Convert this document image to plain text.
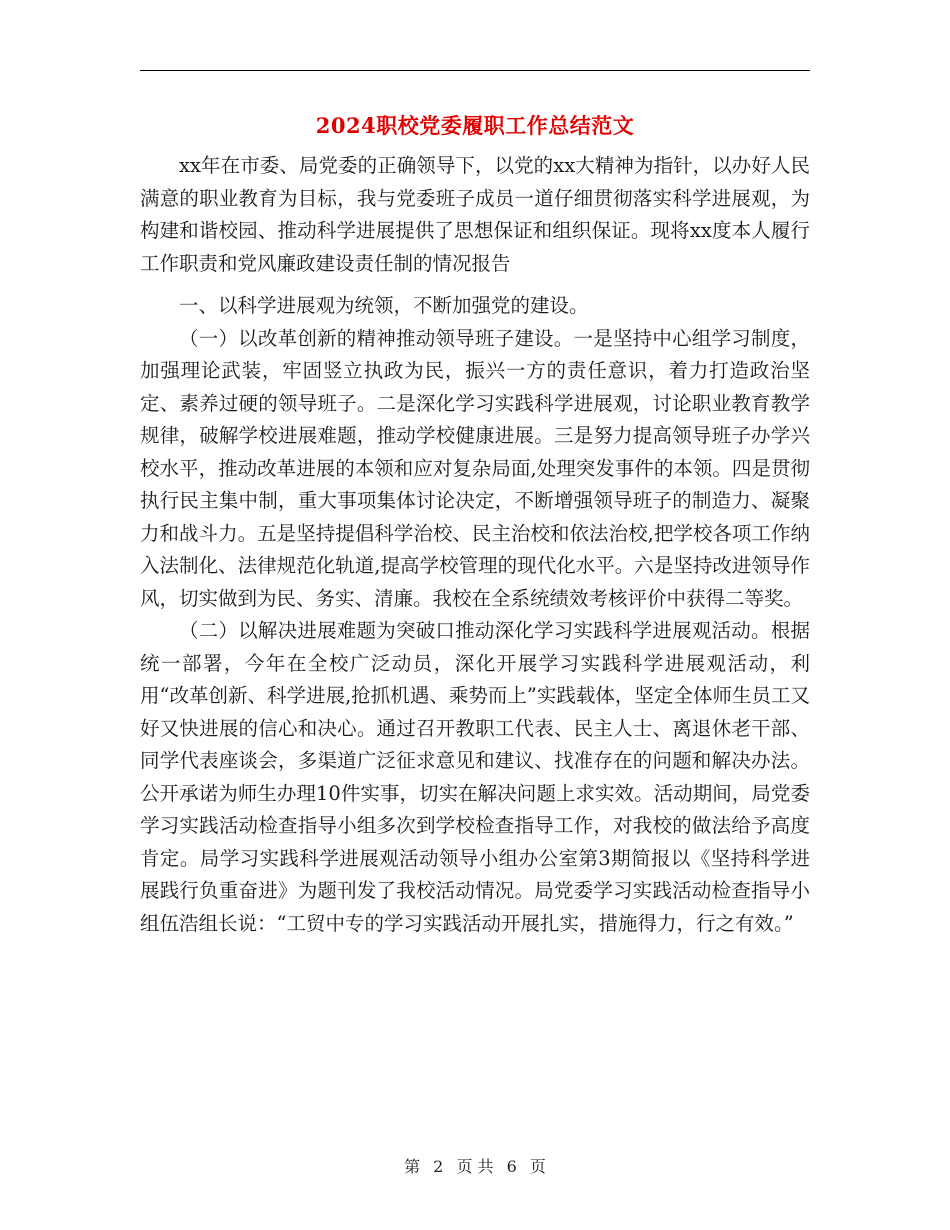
2024职校党委履职工作总结范文

xx年在市委、局党委的正确领导下，以党的xx大精神为指针，以办好人民满意的职业教育为目标，我与党委班子成员一道仔细贯彻落实科学进展观，为构建和谐校园、推动科学进展提供了思想保证和组织保证。现将xx度本人履行工作职责和党风廉政建设责任制的情况报告

一、以科学进展观为统领，不断加强党的建设。

（一）以改革创新的精神推动领导班子建设。一是坚持中心组学习制度，加强理论武装，牢固竖立执政为民，振兴一方的责任意识，着力打造政治坚定、素养过硬的领导班子。二是深化学习实践科学进展观，讨论职业教育教学规律，破解学校进展难题，推动学校健康进展。三是努力提高领导班子办学兴校水平，推动改革进展的本领和应对复杂局面,处理突发事件的本领。四是贯彻执行民主集中制，重大事项集体讨论决定，不断增强领导班子的制造力、凝聚力和战斗力。五是坚持提倡科学治校、民主治校和依法治校,把学校各项工作纳入法制化、法律规范化轨道,提高学校管理的现代化水平。六是坚持改进领导作风，切实做到为民、务实、清廉。我校在全系统绩效考核评价中获得二等奖。

（二）以解决进展难题为突破口推动深化学习实践科学进展观活动。根据统一部署，今年在全校广泛动员，深化开展学习实践科学进展观活动，利用“改革创新、科学进展,抢抓机遇、乘势而上”实践载体，坚定全体师生员工又好又快进展的信心和决心。通过召开教职工代表、民主人士、离退休老干部、同学代表座谈会，多渠道广泛征求意见和建议、找准存在的问题和解决办法。公开承诺为师生办理10件实事，切实在解决问题上求实效。活动期间，局党委学习实践活动检查指导小组多次到学校检查指导工作，对我校的做法给予高度肯定。局学习实践科学进展观活动领导小组办公室第3期简报以《坚持科学进展践行负重奋进》为题刊发了我校活动情况。局党委学习实践活动检查指导小组伍浩组长说：“工贸中专的学习实践活动开展扎实，措施得力，行之有效。”

第 2 页 共 6 页
